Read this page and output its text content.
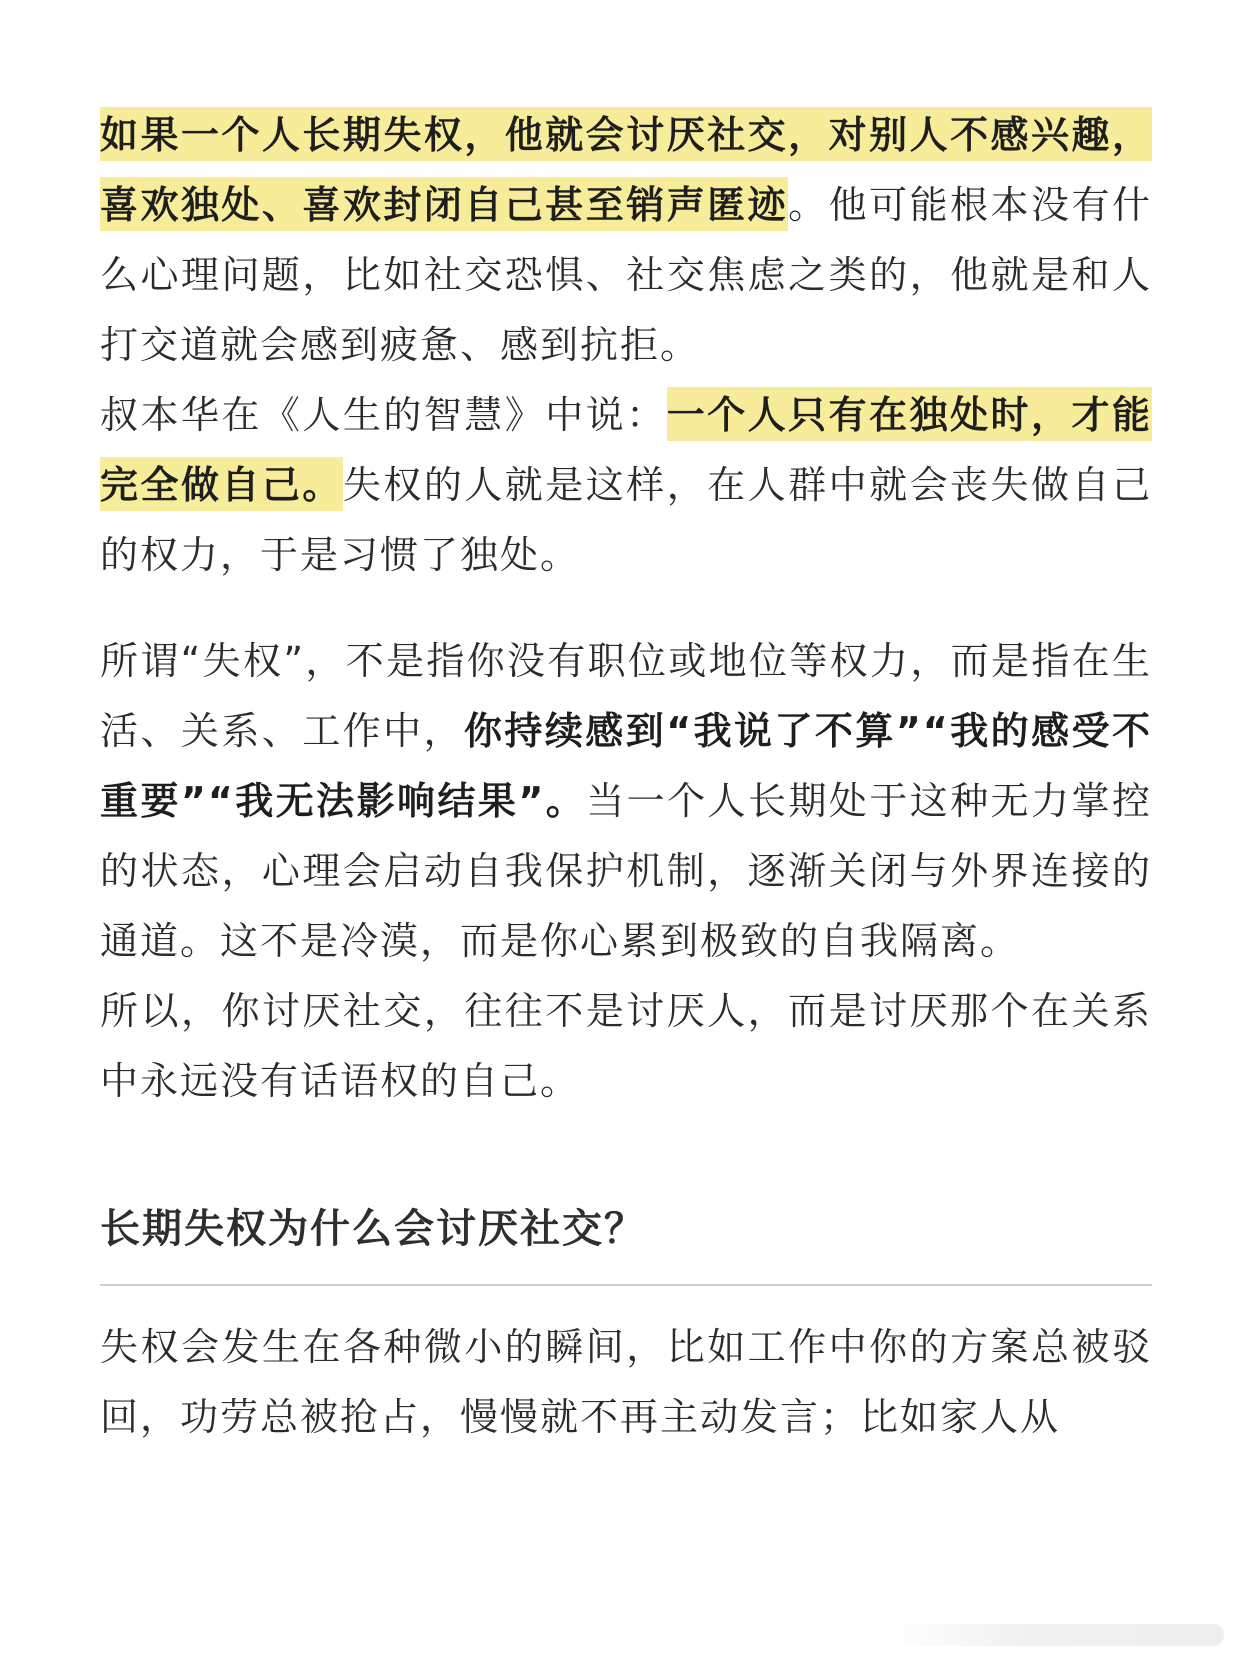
如果一个人长期失权，他就会讨厌社交，对别人不感兴趣，喜欢独处、喜欢封闭自己甚至销声匿迹。他可能根本没有什么心理问题，比如社交恐惧、社交焦虑之类的，他就是和人打交道就会感到疲惫、感到抗拒。

叔本华在《人生的智慧》中说：一个人只有在独处时，才能完全做自己。失权的人就是这样，在人群中就会丧失做自己的权力，于是习惯了独处。

所谓“失权”，不是指你没有职位或地位等权力，而是指在生活、关系、工作中，你持续感到“我说了不算”“我的感受不重要”“我无法影响结果”。当一个人长期处于这种无力掌控的状态，心理会启动自我保护机制，逐渐关闭与外界连接的通道。这不是冷漠，而是你心累到极致的自我隔离。

所以，你讨厌社交，往往不是讨厌人，而是讨厌那个在关系中永远没有话语权的自己。

长期失权为什么会讨厌社交？

失权会发生在各种微小的瞬间，比如工作中你的方案总被驳回，功劳总被抢占，慢慢就不再主动发言；比如家人从
